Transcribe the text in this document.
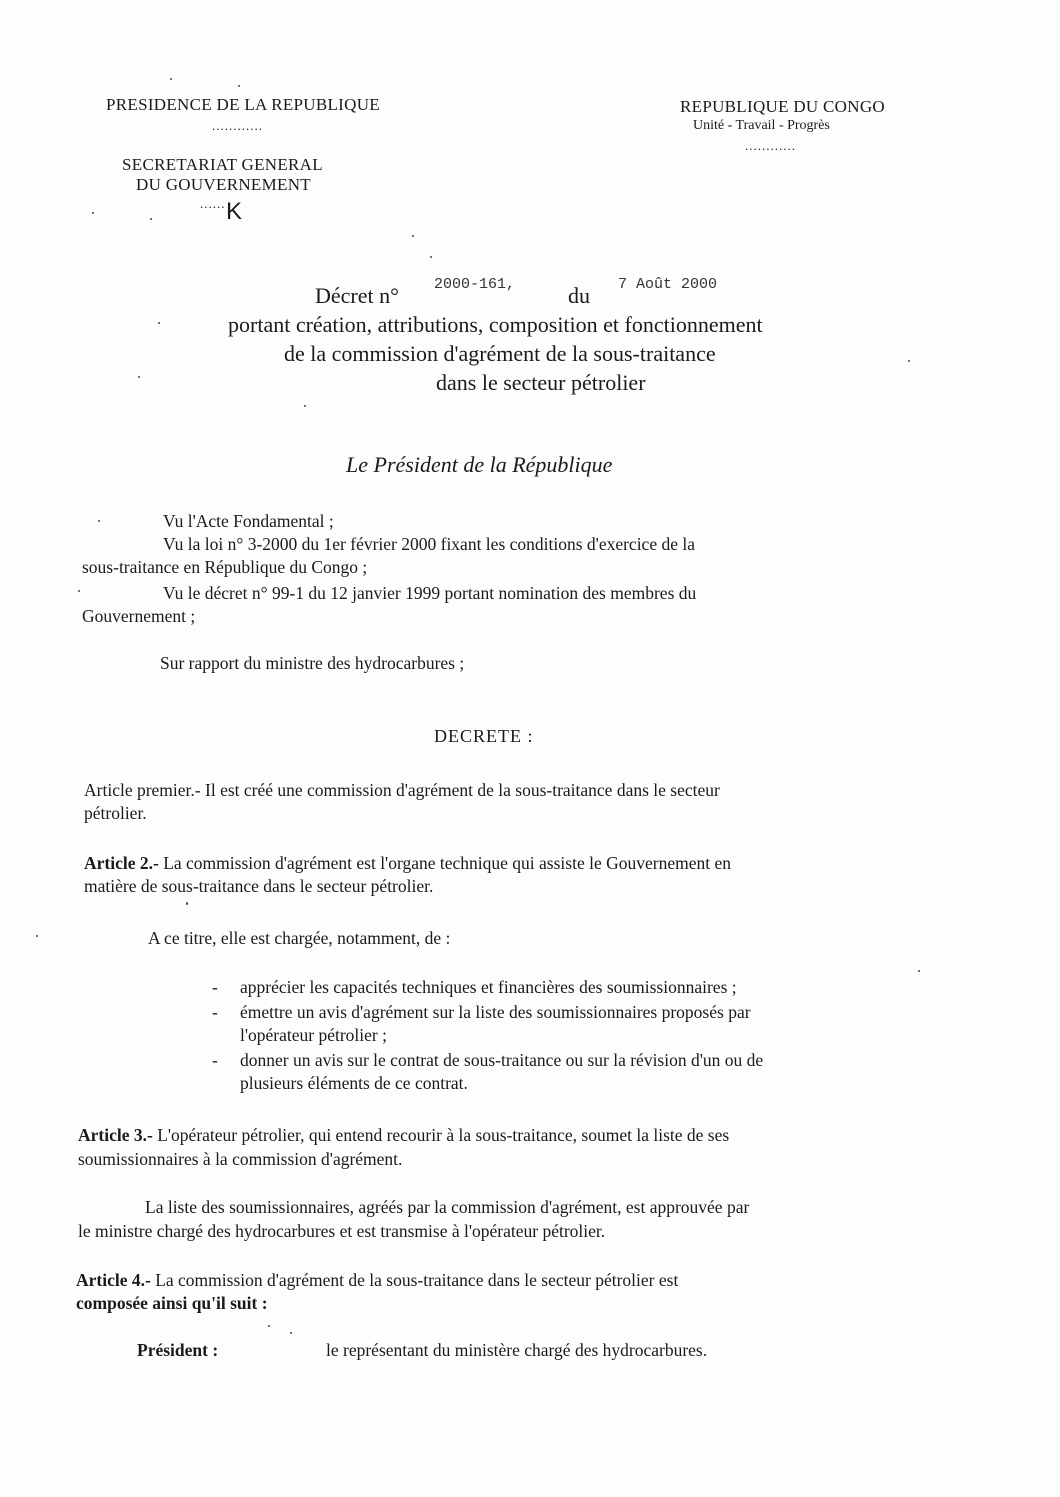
PRESIDENCE DE LA REPUBLIQUE
............
SECRETARIAT GENERAL
DU GOUVERNEMENT
...... K
REPUBLIQUE DU CONGO
Unité - Travail - Progrès
............
Décret n° 2000-161, du 7 Août 2000
portant création, attributions, composition et fonctionnement
de la commission d'agrément de la sous-traitance
dans le secteur pétrolier
Le Président de la République
Vu l'Acte Fondamental ;
Vu la loi n° 3-2000 du 1er février 2000 fixant les conditions d'exercice de la
sous-traitance en République du Congo ;
Vu le décret n° 99-1 du 12 janvier 1999 portant nomination des membres du
Gouvernement ;
Sur rapport du ministre des hydrocarbures ;
DECRETE :
Article premier.- Il est créé une commission d'agrément de la sous-traitance dans le secteur
pétrolier.
Article 2.- La commission d'agrément est l'organe technique qui assiste le Gouvernement en
matière de sous-traitance dans le secteur pétrolier.
A ce titre, elle est chargée, notamment, de :
- apprécier les capacités techniques et financières des soumissionnaires ;
- émettre un avis d'agrément sur la liste des soumissionnaires proposés par
l'opérateur pétrolier ;
- donner un avis sur le contrat de sous-traitance ou sur la révision d'un ou de
plusieurs éléments de ce contrat.
Article 3.- L'opérateur pétrolier, qui entend recourir à la sous-traitance, soumet la liste de ses
soumissionnaires à la commission d'agrément.
La liste des soumissionnaires, agréés par la commission d'agrément, est approuvée par
le ministre chargé des hydrocarbures et est transmise à l'opérateur pétrolier.
Article 4.- La commission d'agrément de la sous-traitance dans le secteur pétrolier est
composée ainsi qu'il suit :
Président :	le représentant du ministère chargé des hydrocarbures.
